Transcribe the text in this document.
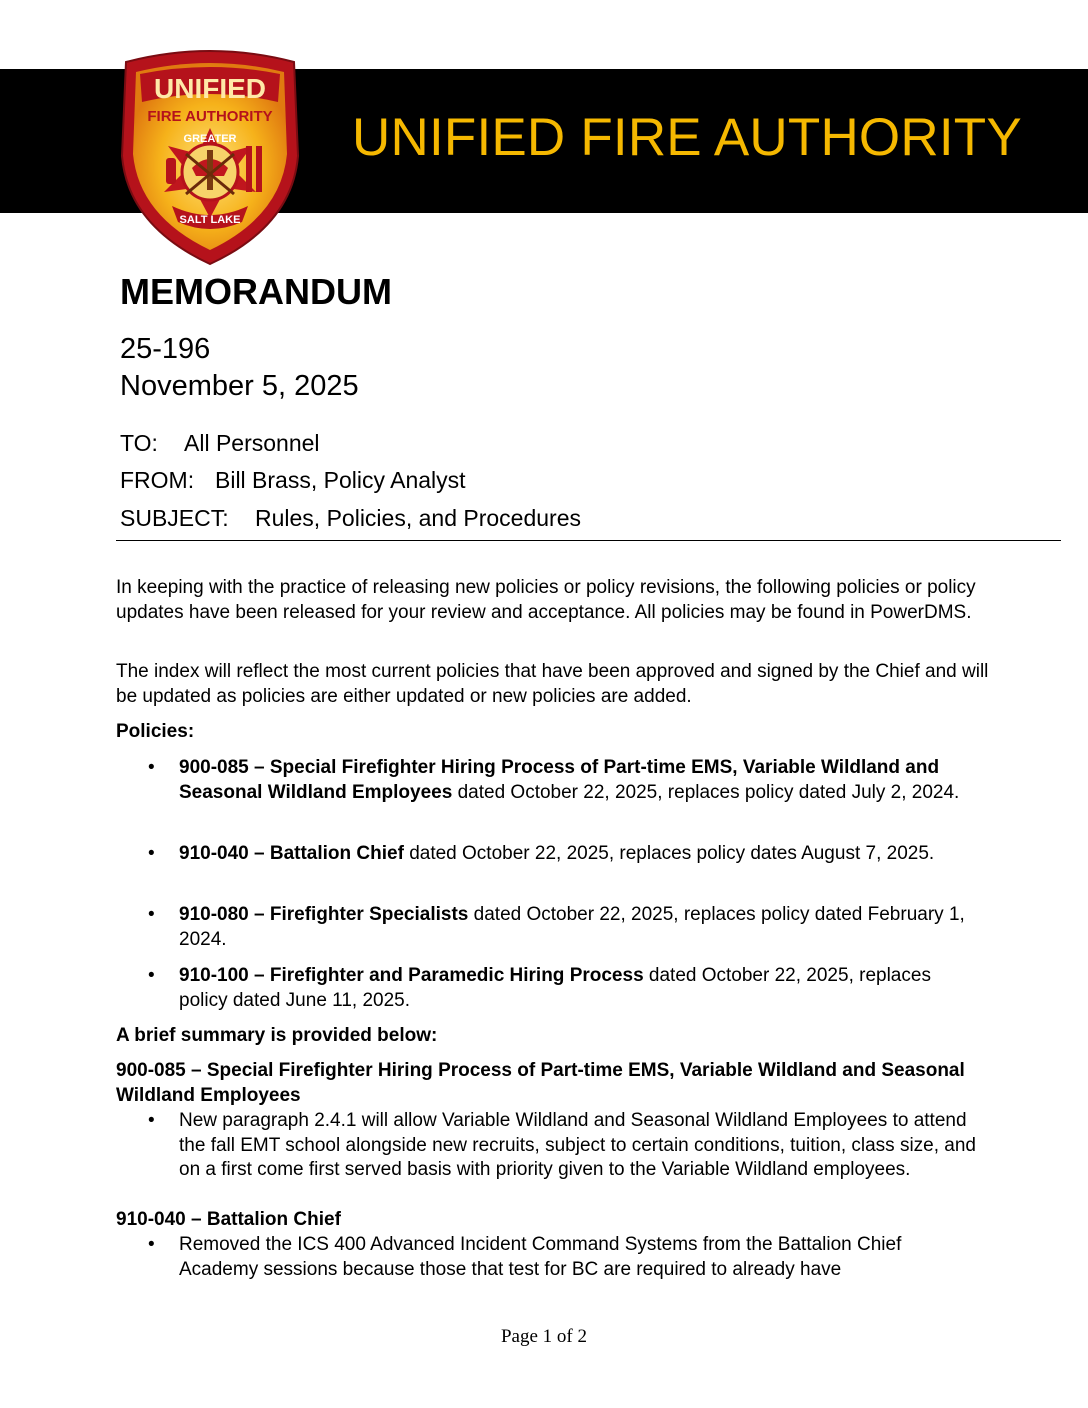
UNIFIED FIRE AUTHORITY
UNIFIED
FIRE AUTHORITY
GREATER
SALT LAKE
MEMORANDUM
25-196
November 5, 2025
TO: All Personnel
FROM: Bill Brass, Policy Analyst
SUBJECT: Rules, Policies, and Procedures

In keeping with the practice of releasing new policies or policy revisions, the following policies or policy updates have been released for your review and acceptance. All policies may be found in PowerDMS.

The index will reflect the most current policies that have been approved and signed by the Chief and will be updated as policies are either updated or new policies are added.

Policies:
• 900-085 – Special Firefighter Hiring Process of Part-time EMS, Variable Wildland and Seasonal Wildland Employees dated October 22, 2025, replaces policy dated July 2, 2024.
• 910-040 – Battalion Chief dated October 22, 2025, replaces policy dates August 7, 2025.
• 910-080 – Firefighter Specialists dated October 22, 2025, replaces policy dated February 1, 2024.
• 910-100 – Firefighter and Paramedic Hiring Process dated October 22, 2025, replaces policy dated June 11, 2025.
A brief summary is provided below:
900-085 – Special Firefighter Hiring Process of Part-time EMS, Variable Wildland and Seasonal Wildland Employees
• New paragraph 2.4.1 will allow Variable Wildland and Seasonal Wildland Employees to attend the fall EMT school alongside new recruits, subject to certain conditions, tuition, class size, and on a first come first served basis with priority given to the Variable Wildland employees.
910-040 – Battalion Chief
• Removed the ICS 400 Advanced Incident Command Systems from the Battalion Chief Academy sessions because those that test for BC are required to already have
Page 1 of 2
